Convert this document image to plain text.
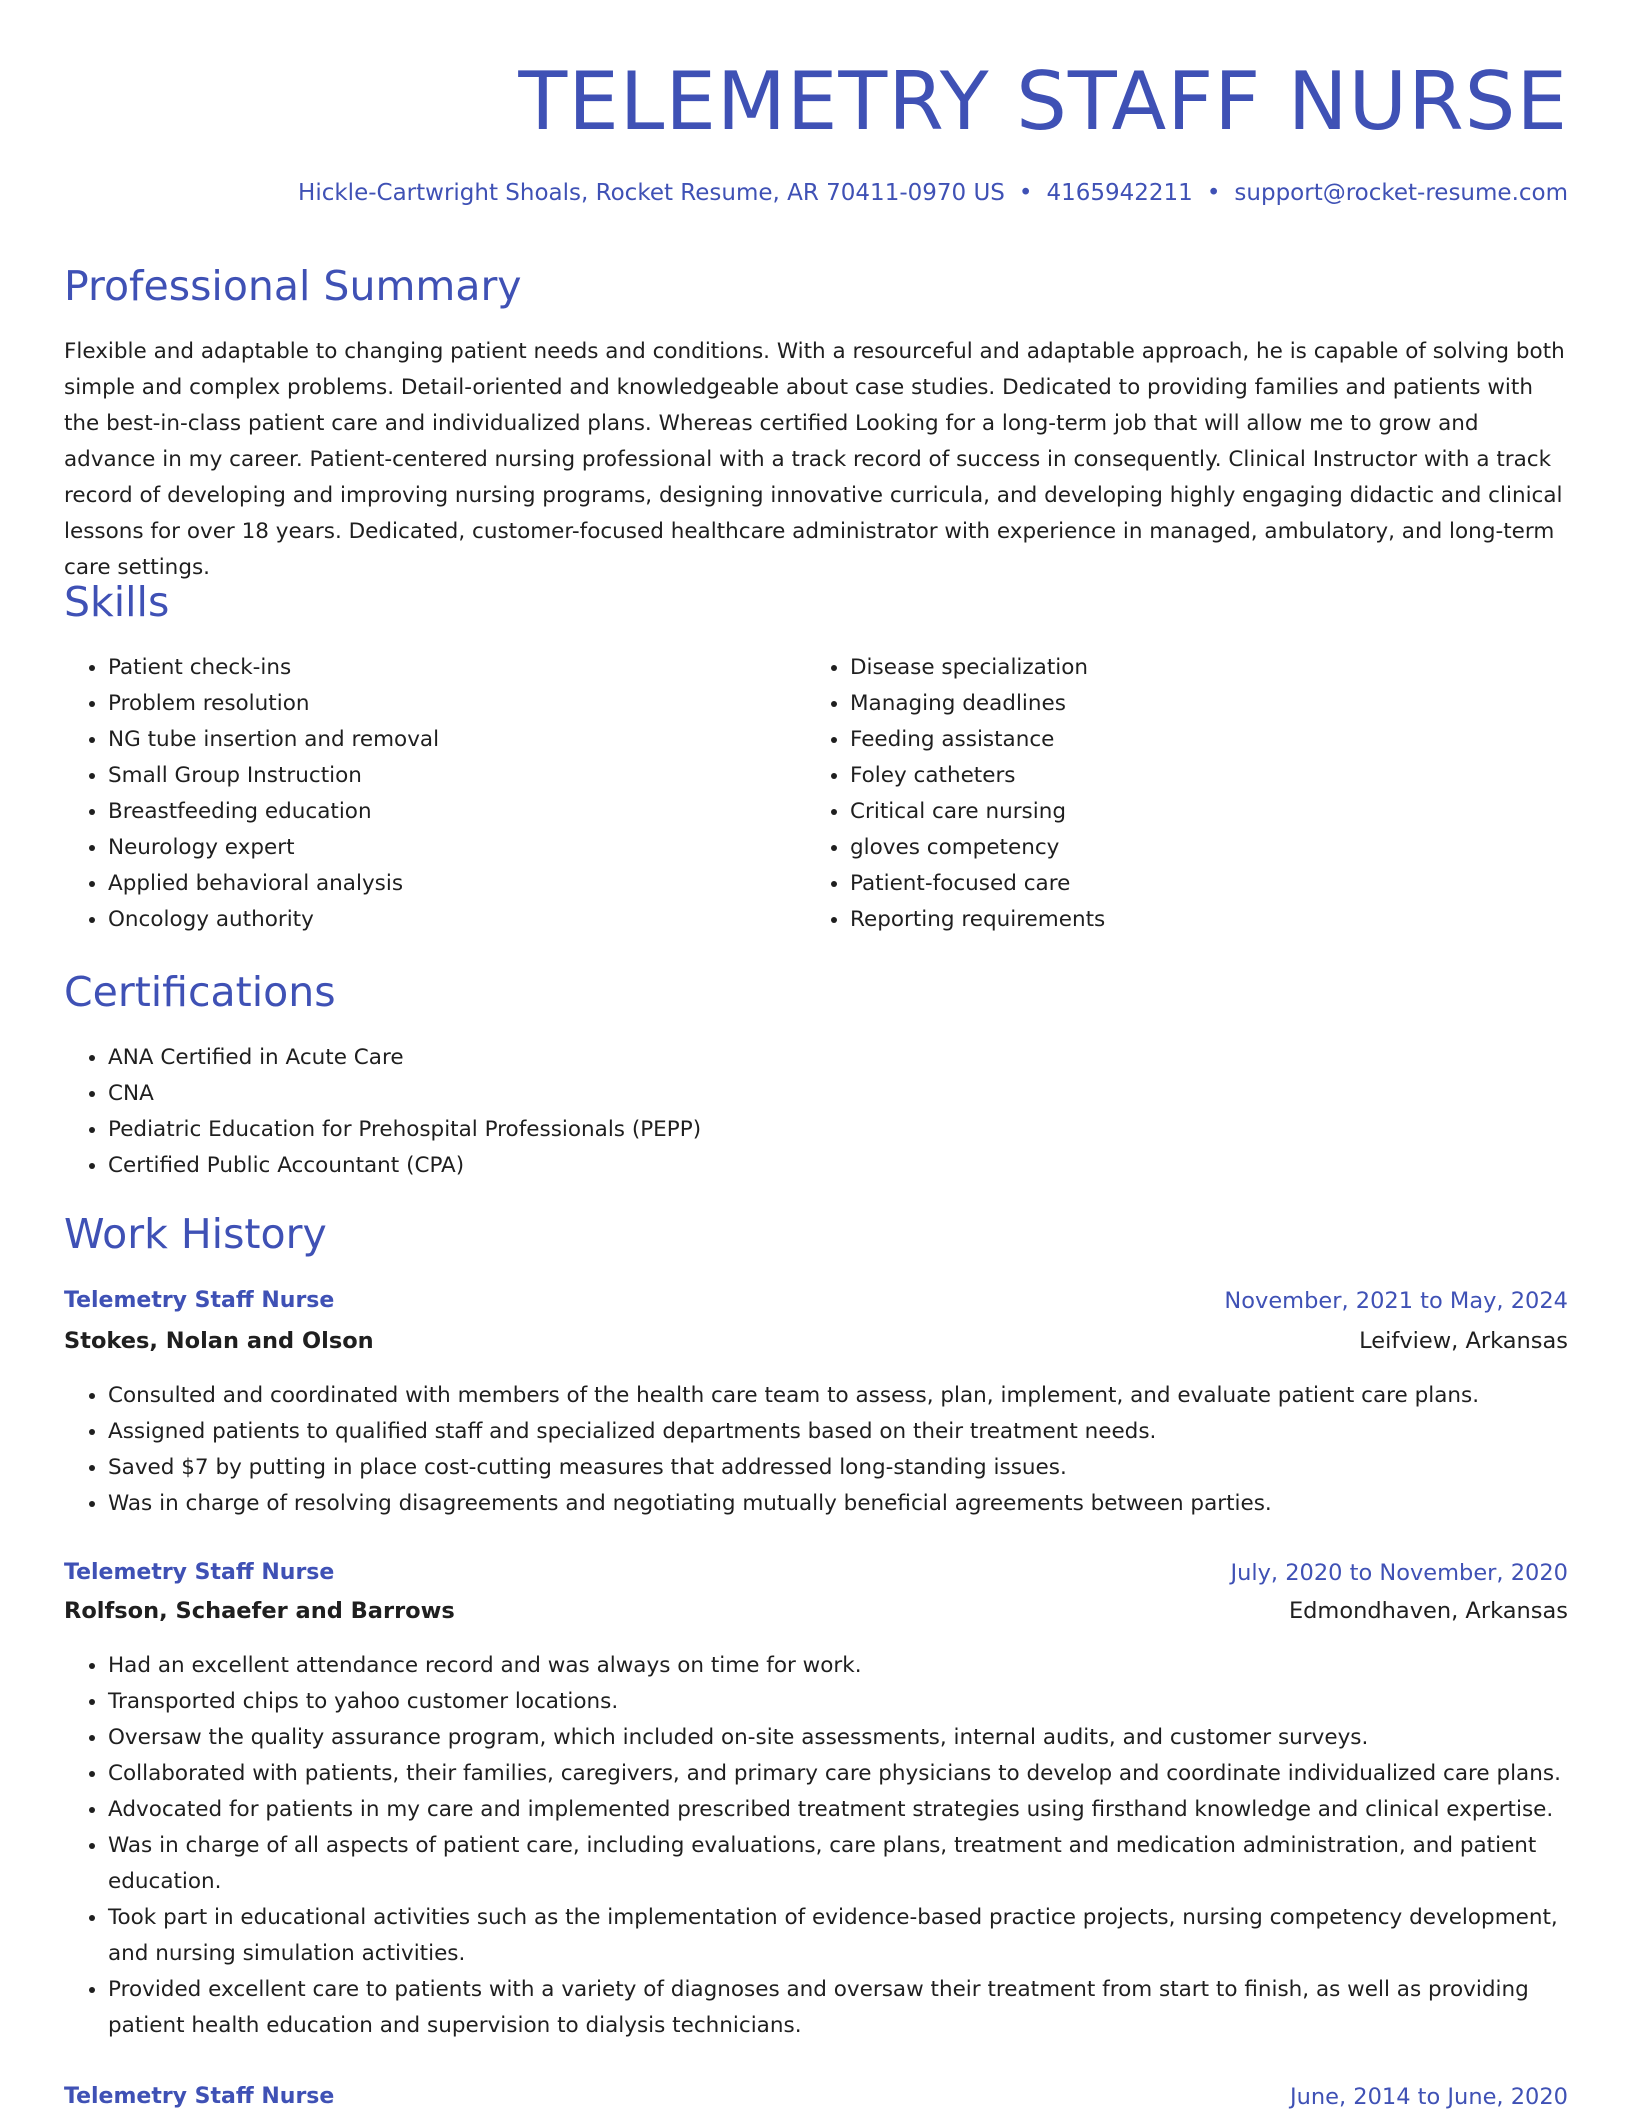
TELEMETRY STAFF NURSE
Hickle-Cartwright Shoals, Rocket Resume, AR 70411-0970 US • 4165942211 • support@rocket-resume.com
Professional Summary

Flexible and adaptable to changing patient needs and conditions. With a resourceful and adaptable approach, he is capable of solving both simple and complex problems. Detail-oriented and knowledgeable about case studies. Dedicated to providing families and patients with the best-in-class patient care and individualized plans. Whereas certified Looking for a long-term job that will allow me to grow and advance in my career. Patient-centered nursing professional with a track record of success in consequently. Clinical Instructor with a track record of developing and improving nursing programs, designing innovative curricula, and developing highly engaging didactic and clinical lessons for over 18 years. Dedicated, customer-focused healthcare administrator with experience in managed, ambulatory, and long-term care settings.

Skills
• Patient check-ins
• Problem resolution
• NG tube insertion and removal
• Small Group Instruction
• Breastfeeding education
• Neurology expert
• Applied behavioral analysis
• Oncology authority
• Disease specialization
• Managing deadlines
• Feeding assistance
• Foley catheters
• Critical care nursing
• gloves competency
• Patient-focused care
• Reporting requirements
Certifications
• ANA Certified in Acute Care
• CNA
• Pediatric Education for Prehospital Professionals (PEPP)
• Certified Public Accountant (CPA)
Work History
Telemetry Staff Nurse	November, 2021 to May, 2024
Stokes, Nolan and Olson	Leifview, Arkansas
• Consulted and coordinated with members of the health care team to assess, plan, implement, and evaluate patient care plans.
• Assigned patients to qualified staff and specialized departments based on their treatment needs.
• Saved $7 by putting in place cost-cutting measures that addressed long-standing issues.
• Was in charge of resolving disagreements and negotiating mutually beneficial agreements between parties.
Telemetry Staff Nurse	July, 2020 to November, 2020
Rolfson, Schaefer and Barrows	Edmondhaven, Arkansas
• Had an excellent attendance record and was always on time for work.
• Transported chips to yahoo customer locations.
• Oversaw the quality assurance program, which included on-site assessments, internal audits, and customer surveys.
• Collaborated with patients, their families, caregivers, and primary care physicians to develop and coordinate individualized care plans.
• Advocated for patients in my care and implemented prescribed treatment strategies using firsthand knowledge and clinical expertise.
• Was in charge of all aspects of patient care, including evaluations, care plans, treatment and medication administration, and patient education.
• Took part in educational activities such as the implementation of evidence-based practice projects, nursing competency development, and nursing simulation activities.
• Provided excellent care to patients with a variety of diagnoses and oversaw their treatment from start to finish, as well as providing patient health education and supervision to dialysis technicians.
Telemetry Staff Nurse	June, 2014 to June, 2020
